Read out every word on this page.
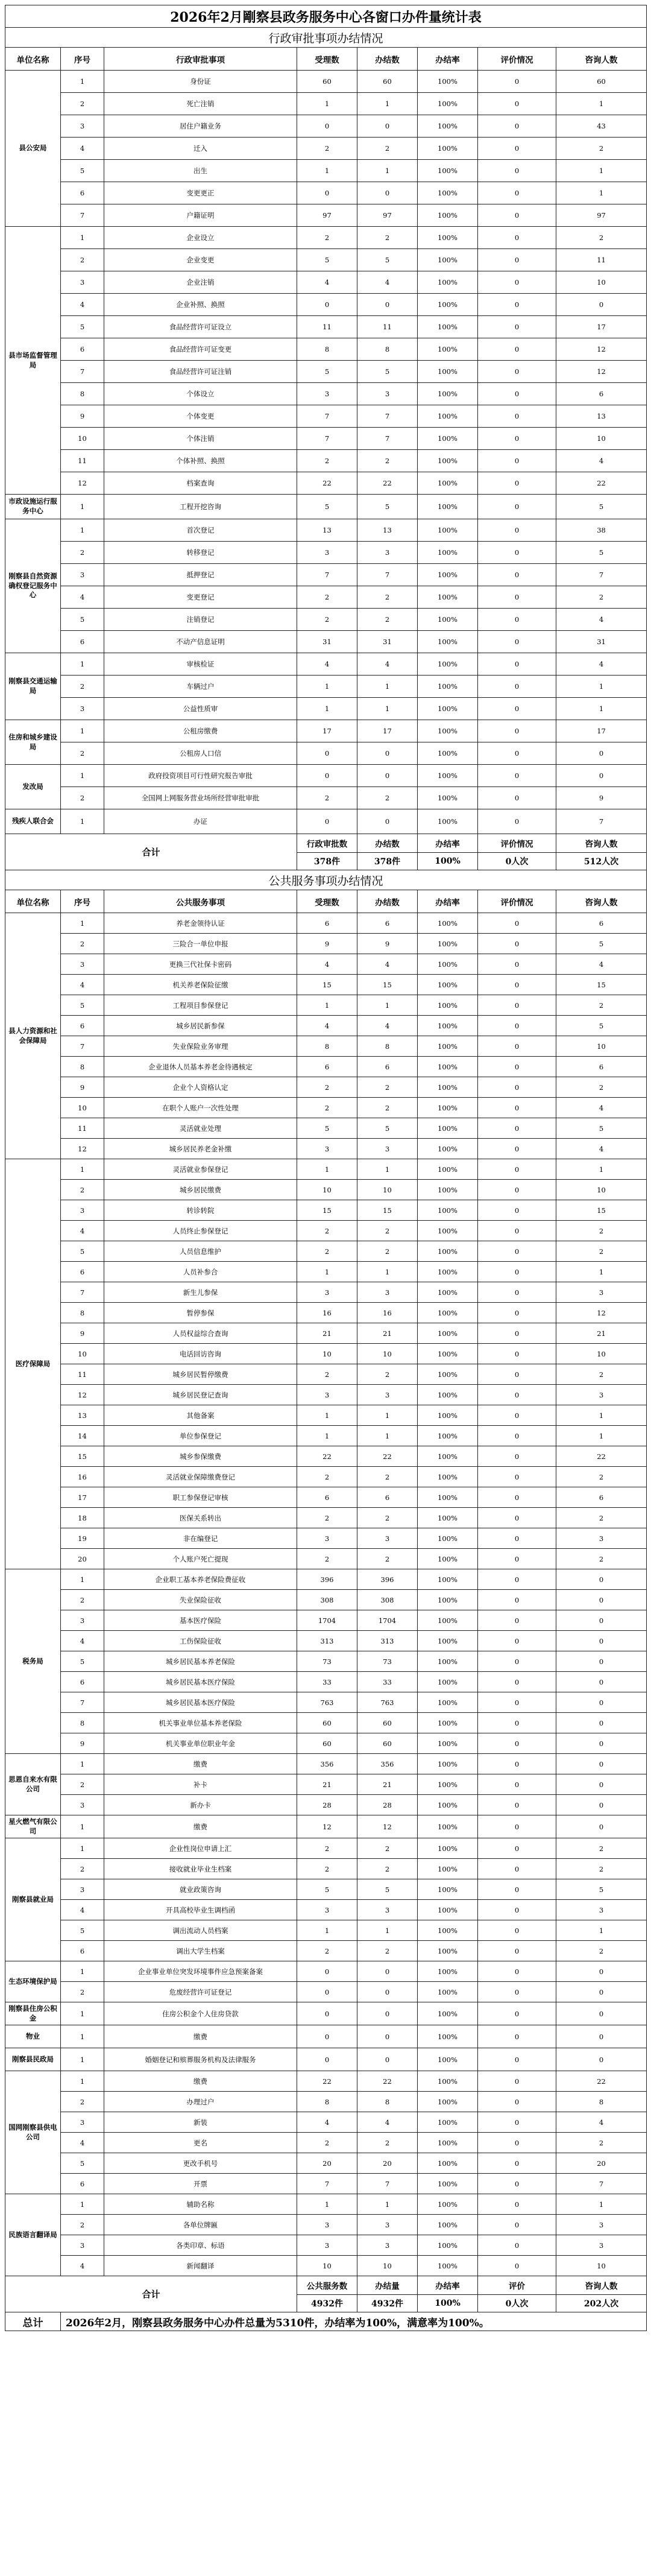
2026年2月剛察县政务服务中心各窗口办件量统计表							
行政审批事项办结情况							
单位名称	序号	行政审批事项	受理数	办结数	办结率	评价情况	咨询人数
县公安局	1	身份证	60	60	100%	0	60
	2	死亡注销	1	1	100%	0	1
	3	居住户籍业务	0	0	100%	0	43
	4	迁入	2	2	100%	0	2
	5	出生	1	1	100%	0	1
	6	变更更正	0	0	100%	0	1
	7	户籍证明	97	97	100%	0	97
县市场监督管理局	1	企业设立	2	2	100%	0	2
	2	企业变更	5	5	100%	0	11
	3	企业注销	4	4	100%	0	10
	4	企业补照、换照	0	0	100%	0	0
	5	食品经营许可证设立	11	11	100%	0	17
	6	食品经营许可证变更	8	8	100%	0	12
	7	食品经营许可证注销	5	5	100%	0	12
	8	个体设立	3	3	100%	0	6
	9	个体变更	7	7	100%	0	13
	10	个体注销	7	7	100%	0	10
	11	个体补照、换照	2	2	100%	0	4
	12	档案查询	22	22	100%	0	22
市政设施运行服务中心	1	工程开挖咨询	5	5	100%	0	5
刚察县自然资源确权登记服务中心	1	首次登记	13	13	100%	0	38
	2	转移登记	3	3	100%	0	5
	3	抵押登记	7	7	100%	0	7
	4	变更登记	2	2	100%	0	2
	5	注销登记	2	2	100%	0	4
	6	不动产信息证明	31	31	100%	0	31
刚察县交通运输局	1	审核检证	4	4	100%	0	4
	2	车辆过户	1	1	100%	0	1
	3	公益性质审	1	1	100%	0	1
住房和城乡建设局	1	公租房缴费	17	17	100%	0	17
	2	公租房人口信	0	0	100%	0	0
发改局	1	政府投资项目可行性研究报告审批	0	0	100%	0	0
	2	全国网上网服务营业场所经营审批审批	2	2	100%	0	9
残疾人联合会	1	办证	0	0	100%	0	7
合计			行政审批数	办结数	办结率	评价情况	咨询人数
			378件	378件	100%	0人次	512人次
公共服务事项办结情况							
单位名称	序号	公共服务事项	受理数	办结数	办结率	评价情况	咨询人数
县人力资源和社会保障局	1	养老金领待认证	6	6	100%	0	6
	2	三险合一单位申报	9	9	100%	0	5
	3	更换三代社保卡密码	4	4	100%	0	4
	4	机关养老保险征缴	15	15	100%	0	15
	5	工程项目参保登记	1	1	100%	0	2
	6	城乡居民新参保	4	4	100%	0	5
	7	失业保险业务审理	8	8	100%	0	10
	8	企业退休人员基本养老金待遇核定	6	6	100%	0	6
	9	企业个人资格认定	2	2	100%	0	2
	10	在职个人账户一次性处理	2	2	100%	0	4
	11	灵活就业处理	5	5	100%	0	5
	12	城乡居民养老金补缴	3	3	100%	0	4
医疗保障局	1	灵活就业参保登记	1	1	100%	0	1
	2	城乡居民缴费	10	10	100%	0	10
	3	转诊转院	15	15	100%	0	15
	4	人员终止参保登记	2	2	100%	0	2
	5	人员信息维护	2	2	100%	0	2
	6	人员补参合	1	1	100%	0	1
	7	新生儿参保	3	3	100%	0	3
	8	暂停参保	16	16	100%	0	12
	9	人员权益综合查询	21	21	100%	0	21
	10	电话回访咨询	10	10	100%	0	10
	11	城乡居民暂停缴费	2	2	100%	0	2
	12	城乡居民登记查询	3	3	100%	0	3
	13	其他备案	1	1	100%	0	1
	14	单位参保登记	1	1	100%	0	1
	15	城乡参保缴费	22	22	100%	0	22
	16	灵活就业保障缴费登记	2	2	100%	0	2
	17	职工参保登记审核	6	6	100%	0	6
	18	医保关系转出	2	2	100%	0	2
	19	非在编登记	3	3	100%	0	3
	20	个人账户死亡提现	2	2	100%	0	2
税务局	1	企业职工基本养老保险费征收	396	396	100%	0	0
	2	失业保险征收	308	308	100%	0	0
	3	基本医疗保险	1704	1704	100%	0	0
	4	工伤保险征收	313	313	100%	0	0
	5	城乡居民基本养老保险	73	73	100%	0	0
	6	城乡居民基本医疗保险	33	33	100%	0	0
	7	城乡居民基本医疗保险	763	763	100%	0	0
	8	机关事业单位基本养老保险	60	60	100%	0	0
	9	机关事业单位职业年金	60	60	100%	0	0
思恩自来水有限公司	1	缴费	356	356	100%	0	0
	2	补卡	21	21	100%	0	0
	3	新办卡	28	28	100%	0	0
星火燃气有限公司	1	缴费	12	12	100%	0	0
刚察县就业局	1	企业性岗位申请上汇	2	2	100%	0	2
	2	接收就业毕业生档案	2	2	100%	0	2
	3	就业政策咨询	5	5	100%	0	5
	4	开具高校毕业生调档函	3	3	100%	0	3
	5	调出流动人员档案	1	1	100%	0	1
	6	调出大学生档案	2	2	100%	0	2
生态环境保护局	1	企业事业单位突发环境事件应急预案备案	0	0	100%	0	0
	2	危废经营许可证登记	0	0	100%	0	0
刚察县住房公积金	1	住房公积金个人住房贷款	0	0	100%	0	0
物业	1	缴费	0	0	100%	0	0
刚察县民政局	1	婚姻登记和殡葬服务机构及法律服务	0	0	100%	0	0
国网刚察县供电公司	1	缴费	22	22	100%	0	22
	2	办理过户	8	8	100%	0	8
	3	新装	4	4	100%	0	4
	4	更名	2	2	100%	0	2
	5	更改手机号	20	20	100%	0	20
	6	开票	7	7	100%	0	7
民族语言翻译局	1	辅助名称	1	1	100%	0	1
	2	各单位牌匾	3	3	100%	0	3
	3	各类印章、标语	3	3	100%	0	3
	4	新闻翻译	10	10	100%	0	10
合计			公共服务数	办结量	办结率	评价	咨询人数
			4932件	4932件	100%	0人次	202人次
总计	2026年2月，刚察县政务服务中心办件总量为5310件，办结率为100%，满意率为100%。						
